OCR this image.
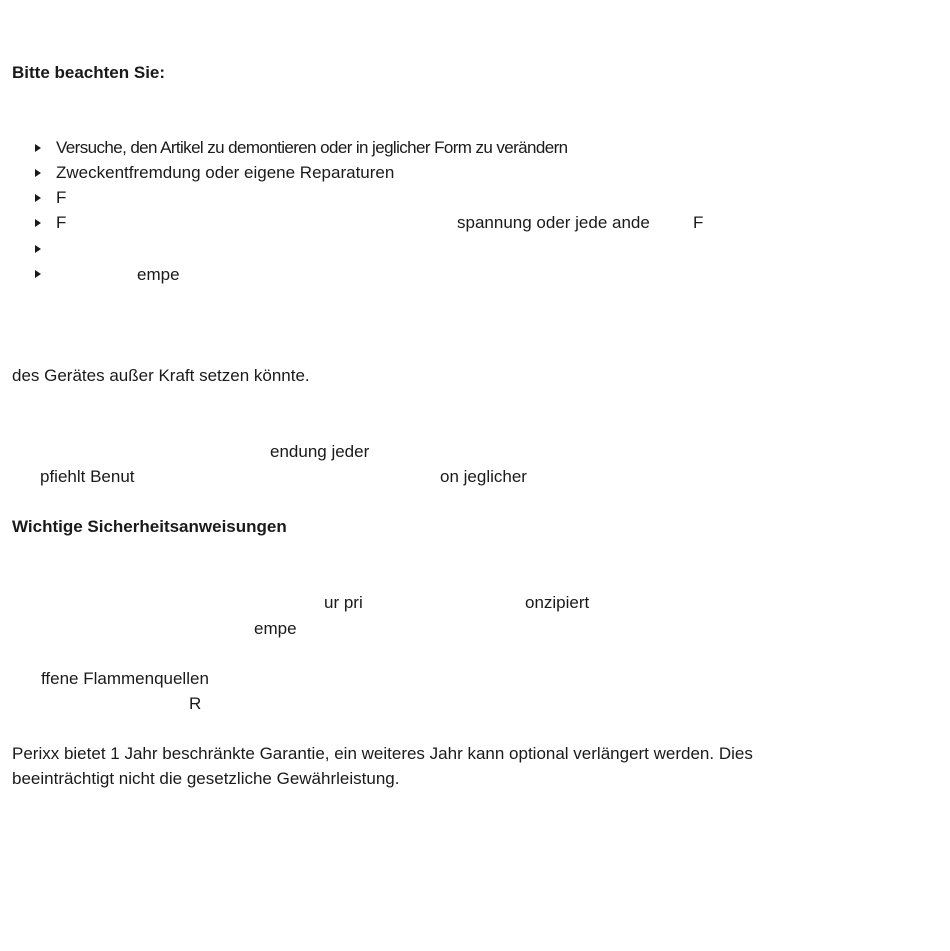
Bitte beachten Sie:
Versuche, den Artikel zu demontieren oder in jeglicher Form zu verändern
Zweckentfremdung oder eigene Reparaturen
F
F	spannung oder jede ande	F
empe
des Gerätes außer Kraft setzen könnte.
endung jeder
pfiehlt Benut	on jeglicher
Wichtige Sicherheitsanweisungen
ur pri	onzipiert
empe
ffene Flammenquellen
R
Perixx bietet 1 Jahr beschränkte Garantie, ein weiteres Jahr kann optional verlängert werden. Dies
beeinträchtigt nicht die gesetzliche Gewährleistung.
